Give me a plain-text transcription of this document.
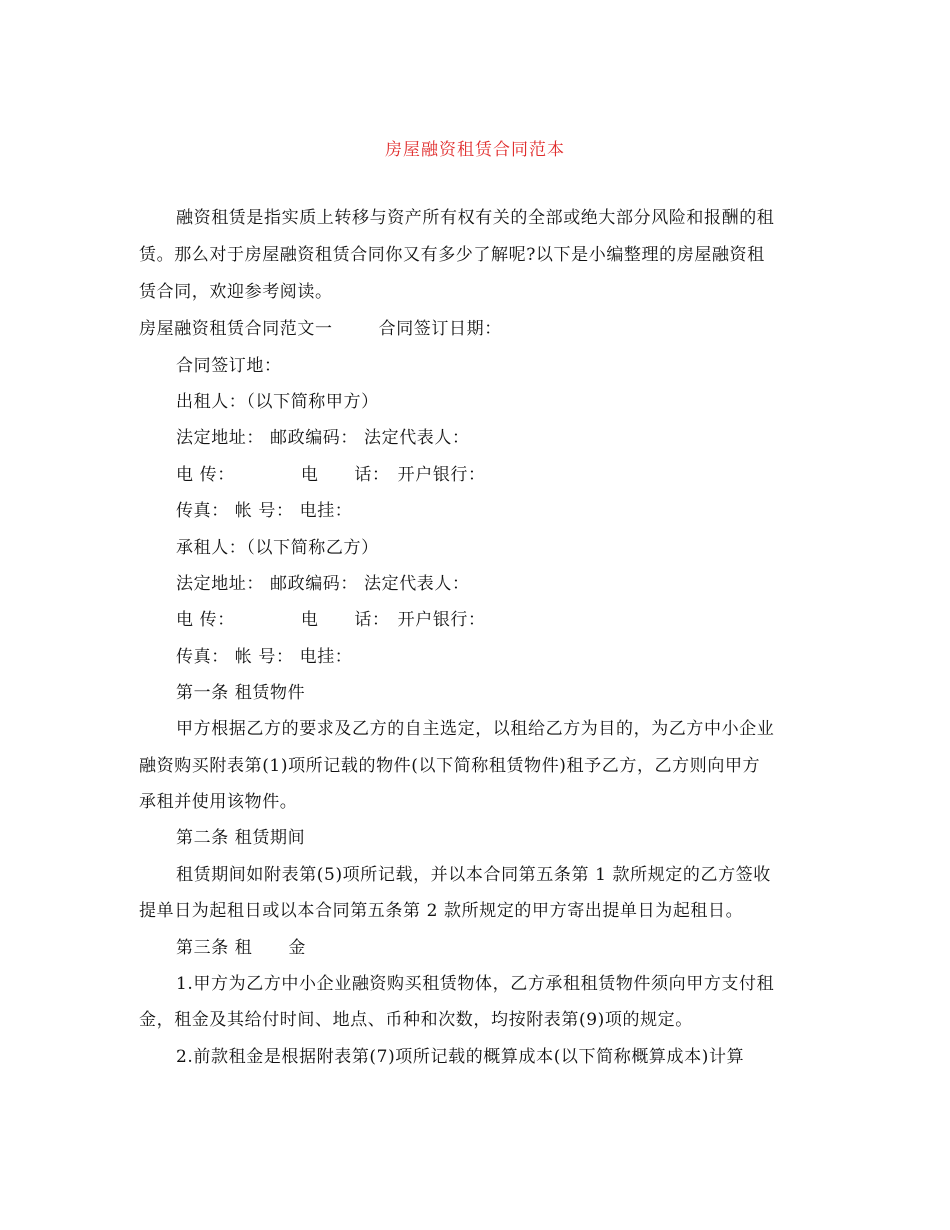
房屋融资租赁合同范本
融资租赁是指实质上转移与资产所有权有关的全部或绝大部分风险和报酬的租
赁。那么对于房屋融资租赁合同你又有多少了解呢?以下是小编整理的房屋融资租
赁合同，欢迎参考阅读。
房屋融资租赁合同范文一	合同签订日期：
合同签订地：
出租人：（以下简称甲方）
法定地址： 邮政编码： 法定代表人：
电 传：	电 话： 开户银行：
传真： 帐 号： 电挂：
承租人：（以下简称乙方）
法定地址： 邮政编码： 法定代表人：
电 传：	电 话： 开户银行：
传真： 帐 号： 电挂：
第一条 租赁物件
甲方根据乙方的要求及乙方的自主选定，以租给乙方为目的，为乙方中小企业
融资购买附表第(1)项所记载的物件(以下简称租赁物件)租予乙方，乙方则向甲方
承租并使用该物件。
第二条 租赁期间
租赁期间如附表第(5)项所记载，并以本合同第五条第 1 款所规定的乙方签收
提单日为起租日或以本合同第五条第 2 款所规定的甲方寄出提单日为起租日。
第三条 租 金
1.甲方为乙方中小企业融资购买租赁物体，乙方承租租赁物件须向甲方支付租
金，租金及其给付时间、地点、币种和次数，均按附表第(9)项的规定。
2.前款租金是根据附表第(7)项所记载的概算成本(以下简称概算成本)计算
